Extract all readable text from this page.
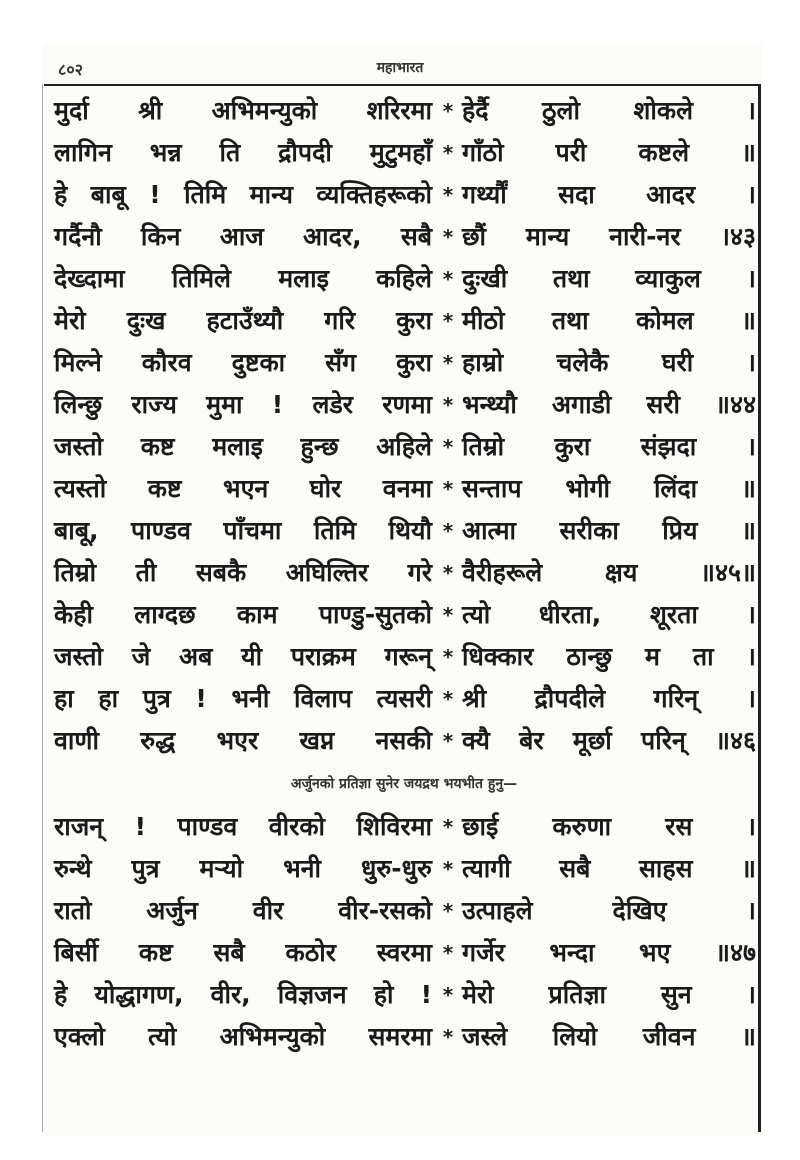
८०२	महाभारत
मुर्दा श्री अभिमन्युको शरिरमा * हेर्दै ठुलो शोकले ।
लागिन भन्न ति द्रौपदी मुटुमहाँ * गाँठो परी कष्टले ॥
हे बाबू ! तिमि मान्य व्यक्तिहरूको * गर्थ्यौं सदा आदर ।
गर्दैनौ किन आज आदर, सबै * छौं मान्य नारी-नर ।४३
देख्दामा तिमिले मलाइ कहिले * दुःखी तथा व्याकुल ।
मेरो दुःख हटाउँथ्यौ गरि कुरा * मीठो तथा कोमल ॥
मिल्ने कौरव दुष्टका सँग कुरा * हाम्रो चलेकै घरी ।
लिन्छु राज्य मुमा ! लडेर रणमा * भन्थ्यौ अगाडी सरी ॥४४
जस्तो कष्ट मलाइ हुन्छ अहिले * तिम्रो कुरा संझदा ।
त्यस्तो कष्ट भएन घोर वनमा * सन्ताप भोगी लिंदा ॥
बाबू, पाण्डव पाँचमा तिमि थियौ * आत्मा सरीका प्रिय ॥
तिम्रो ती सबकै अघिल्तिर गरे * वैरीहरूले क्षय ॥४५॥
केही लाग्दछ काम पाण्डु-सुतको * त्यो धीरता, शूरता ।
जस्तो जे अब यी पराक्रम गरून् * धिक्कार ठान्छु म ता ।
हा हा पुत्र ! भनी विलाप त्यसरी * श्री द्रौपदीले गरिन् ।
वाणी रुद्ध भएर खप्न नसकी * क्यै बेर मूर्छा परिन् ॥४६
अर्जुनको प्रतिज्ञा सुनेर जयद्रथ भयभीत हुनु—
राजन् ! पाण्डव वीरको शिविरमा * छाई करुणा रस ।
रुन्थे पुत्र मर्‍यो भनी धुरु-धुरु * त्यागी सबै साहस ॥
रातो अर्जुन वीर वीर-रसको * उत्पाहले देखिए ।
बिर्सी कष्ट सबै कठोर स्वरमा * गर्जेर भन्दा भए ॥४७
हे योद्धागण, वीर, विज्ञजन हो ! * मेरो प्रतिज्ञा सुन ।
एक्लो त्यो अभिमन्युको समरमा * जस्ले लियो जीवन ॥
